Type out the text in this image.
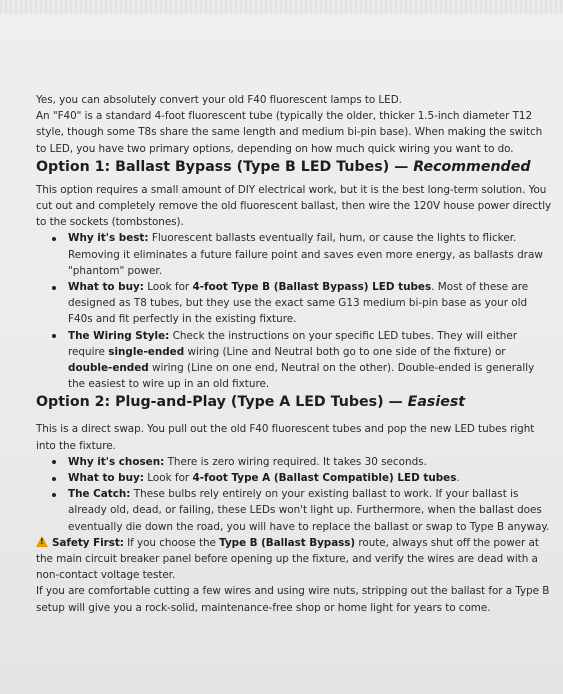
Yes, you can absolutely convert your old F40 fluorescent lamps to LED.

An "F40" is a standard 4-foot fluorescent tube (typically the older, thicker 1.5-inch diameter T12 style, though some T8s share the same length and medium bi-pin base). When making the switch to LED, you have two primary options, depending on how much quick wiring you want to do.

Option 1: Ballast Bypass (Type B LED Tubes) — Recommended

This option requires a small amount of DIY electrical work, but it is the best long-term solution. You cut out and completely remove the old fluorescent ballast, then wire the 120V house power directly to the sockets (tombstones).

Why it's best: Fluorescent ballasts eventually fail, hum, or cause the lights to flicker. Removing it eliminates a future failure point and saves even more energy, as ballasts draw "phantom" power.
What to buy: Look for 4-foot Type B (Ballast Bypass) LED tubes. Most of these are designed as T8 tubes, but they use the exact same G13 medium bi-pin base as your old F40s and fit perfectly in the existing fixture.
The Wiring Style: Check the instructions on your specific LED tubes. They will either require single-ended wiring (Line and Neutral both go to one side of the fixture) or double-ended wiring (Line on one end, Neutral on the other). Double-ended is generally the easiest to wire up in an old fixture.
Option 2: Plug-and-Play (Type A LED Tubes) — Easiest

This is a direct swap. You pull out the old F40 fluorescent tubes and pop the new LED tubes right into the fixture.

Why it's chosen: There is zero wiring required. It takes 30 seconds.
What to buy: Look for 4-foot Type A (Ballast Compatible) LED tubes.
The Catch: These bulbs rely entirely on your existing ballast to work. If your ballast is already old, dead, or failing, these LEDs won't light up. Furthermore, when the ballast does eventually die down the road, you will have to replace the ballast or swap to Type B anyway.

!Safety First: If you choose the Type B (Ballast Bypass) route, always shut off the power at the main circuit breaker panel before opening up the fixture, and verify the wires are dead with a non-contact voltage tester.

If you are comfortable cutting a few wires and using wire nuts, stripping out the ballast for a Type B setup will give you a rock-solid, maintenance-free shop or home light for years to come.
